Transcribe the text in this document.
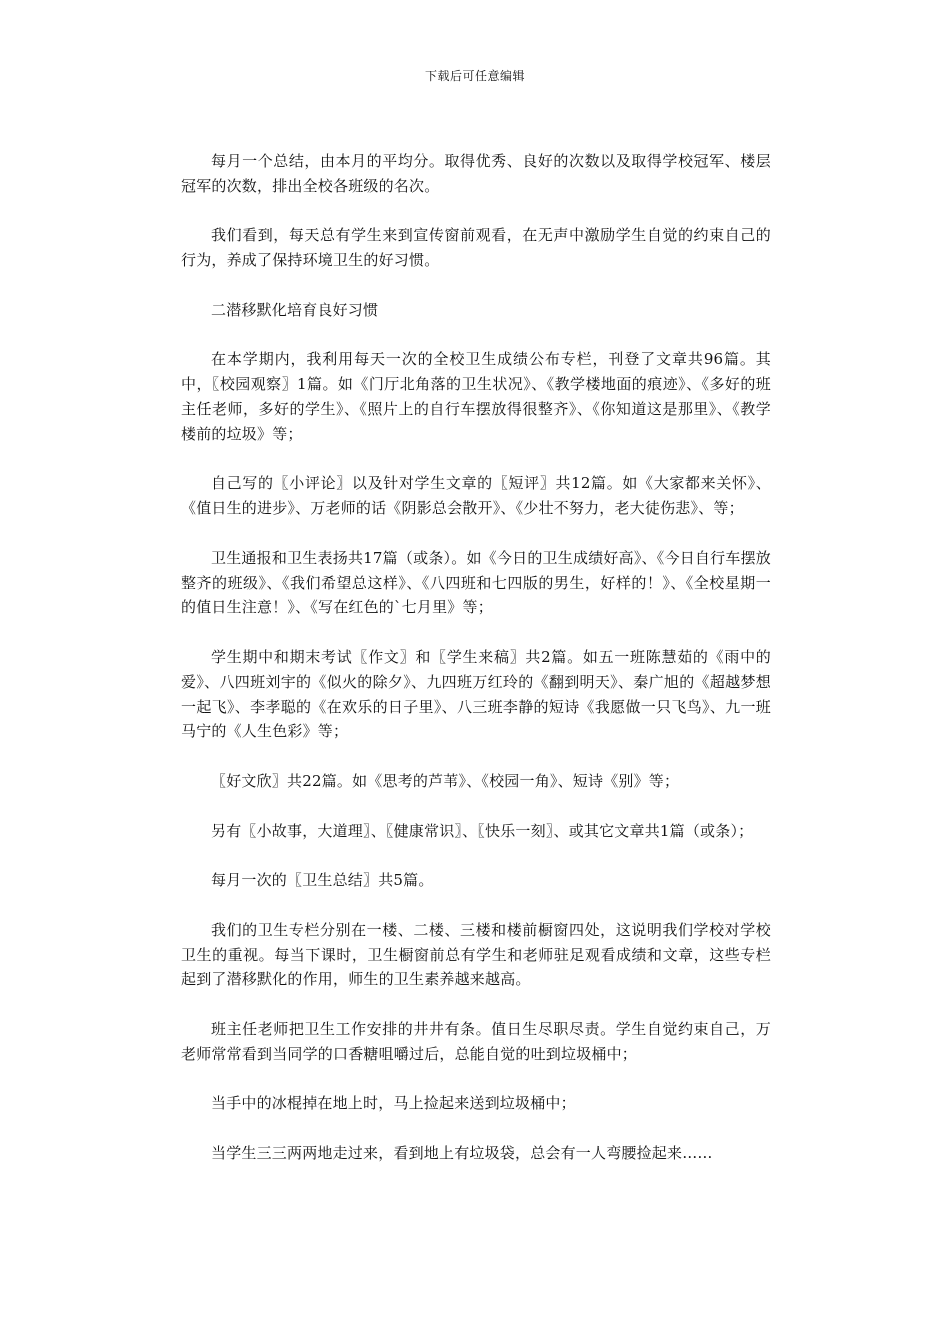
下载后可任意编辑

每月一个总结，由本月的平均分。取得优秀、良好的次数以及取得学校冠军、楼层冠军的次数，排出全校各班级的名次。

我们看到，每天总有学生来到宣传窗前观看，在无声中激励学生自觉的约束自己的行为，养成了保持环境卫生的好习惯。

二潜移默化培育良好习惯

在本学期内，我利用每天一次的全校卫生成绩公布专栏，刊登了文章共96篇。其中，〖校园观察〗1篇。如《门厅北角落的卫生状况》、《教学楼地面的痕迹》、《多好的班主任老师，多好的学生》、《照片上的自行车摆放得很整齐》、《你知道这是那里》、《教学楼前的垃圾》等；

自己写的〖小评论〗以及针对学生文章的〖短评〗共12篇。如《大家都来关怀》、《值日生的进步》、万老师的话《阴影总会散开》、《少壮不努力，老大徒伤悲》、等；

卫生通报和卫生表扬共17篇（或条）。如《今日的卫生成绩好高》、《今日自行车摆放整齐的班级》、《我们希望总这样》、《八四班和七四版的男生，好样的！》、《全校星期一的值日生注意！》、《写在红色的`七月里》等；

学生期中和期末考试〖作文〗和〖学生来稿〗共2篇。如五一班陈慧茹的《雨中的爱》、八四班刘宇的《似火的除夕》、九四班万红玲的《翻到明天》、秦广旭的《超越梦想一起飞》、李孝聪的《在欢乐的日子里》、八三班李静的短诗《我愿做一只飞鸟》、九一班马宁的《人生色彩》等；

〖好文欣〗共22篇。如《思考的芦苇》、《校园一角》、短诗《别》等；

另有〖小故事，大道理〗、〖健康常识〗、〖快乐一刻〗、或其它文章共1篇（或条）；

每月一次的〖卫生总结〗共5篇。

我们的卫生专栏分别在一楼、二楼、三楼和楼前橱窗四处，这说明我们学校对学校卫生的重视。每当下课时，卫生橱窗前总有学生和老师驻足观看成绩和文章，这些专栏起到了潜移默化的作用，师生的卫生素养越来越高。

班主任老师把卫生工作安排的井井有条。值日生尽职尽责。学生自觉约束自己，万老师常常看到当同学的口香糖咀嚼过后，总能自觉的吐到垃圾桶中；

当手中的冰棍掉在地上时，马上捡起来送到垃圾桶中；

当学生三三两两地走过来，看到地上有垃圾袋，总会有一人弯腰捡起来……
